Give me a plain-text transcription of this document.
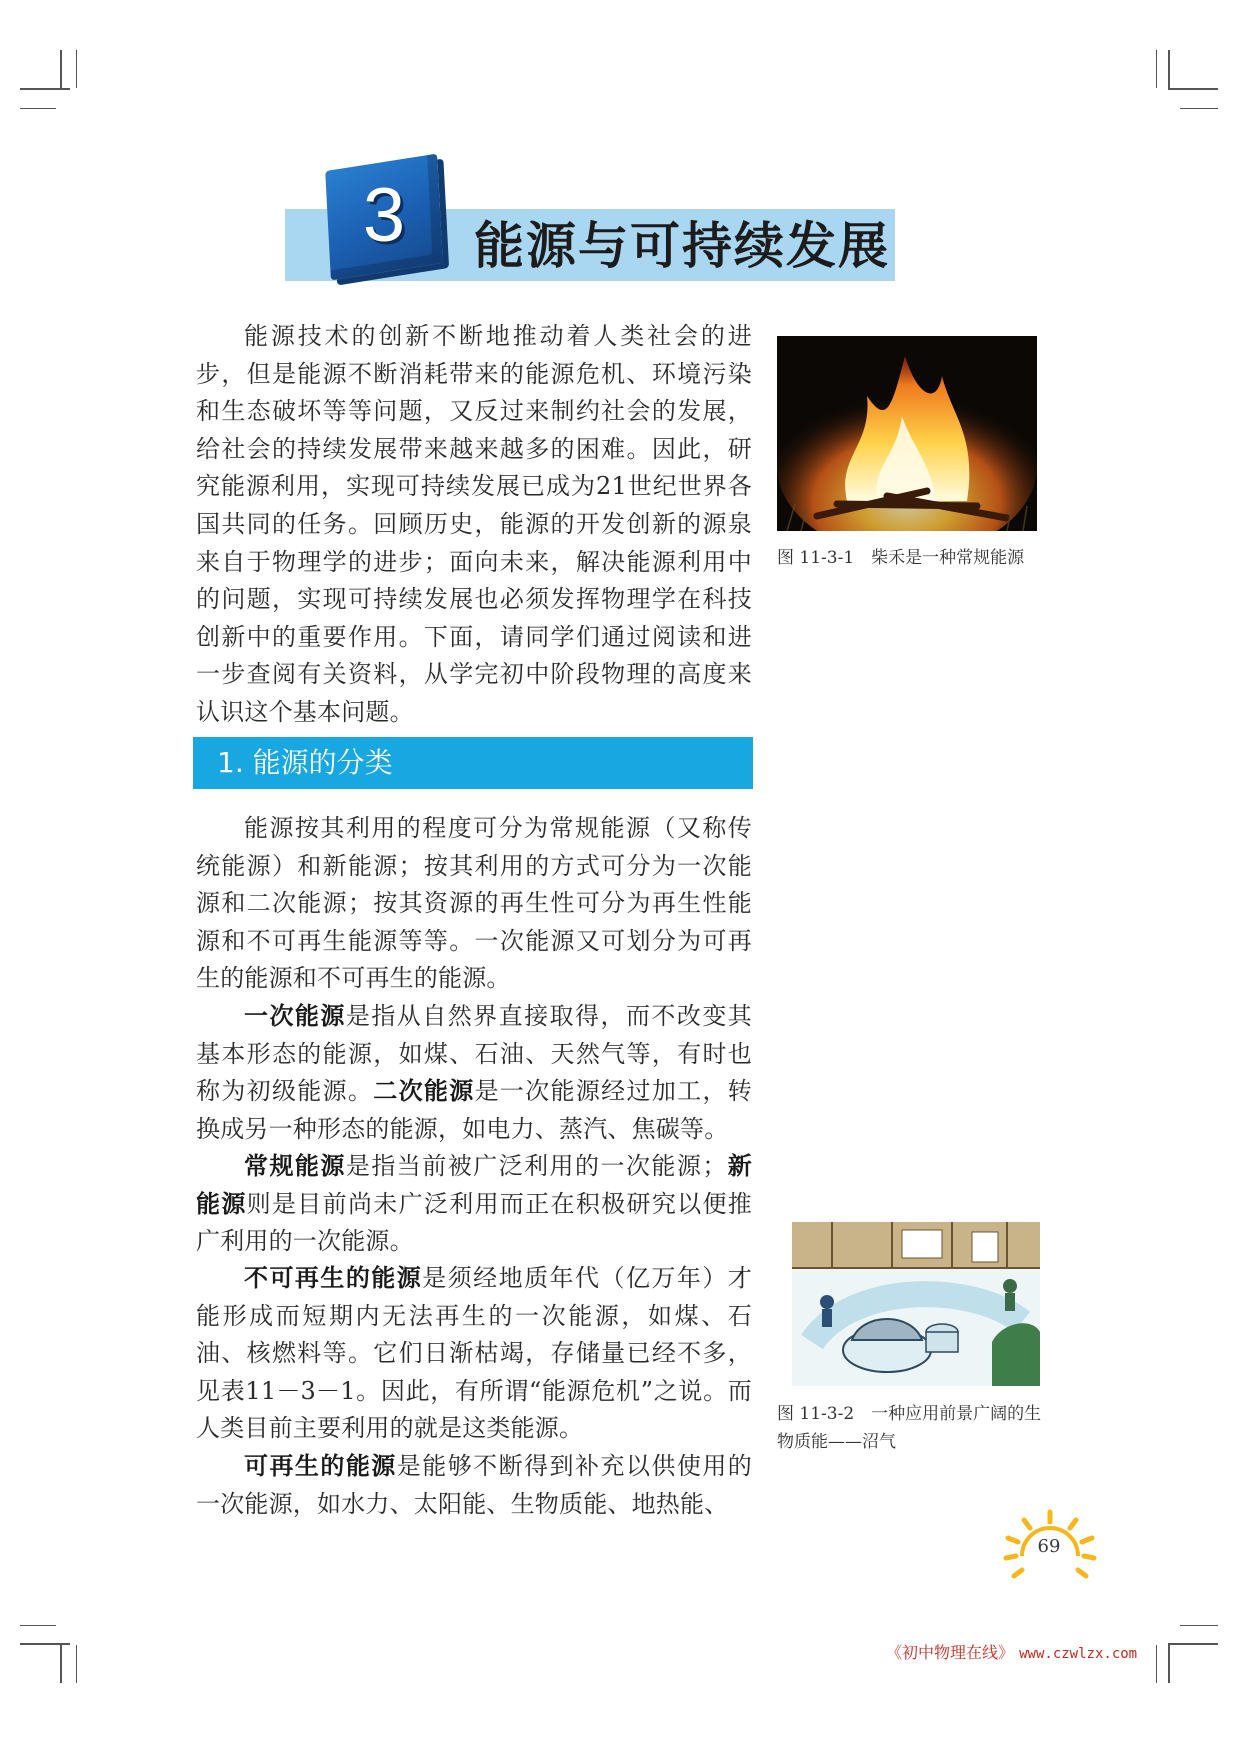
3	能源与可持续发展

能源技术的创新不断地推动着人类社会的进步，但是能源不断消耗带来的能源危机、环境污染和生态破坏等等问题，又反过来制约社会的发展，给社会的持续发展带来越来越多的困难。因此，研究能源利用，实现可持续发展已成为21世纪世界各国共同的任务。回顾历史，能源的开发创新的源泉来自于物理学的进步；面向未来，解决能源利用中的问题，实现可持续发展也必须发挥物理学在科技创新中的重要作用。下面，请同学们通过阅读和进一步查阅有关资料，从学完初中阶段物理的高度来认识这个基本问题。

图 11-3-1　柴禾是一种常规能源
1. 能源的分类

能源按其利用的程度可分为常规能源（又称传统能源）和新能源；按其利用的方式可分为一次能源和二次能源；按其资源的再生性可分为再生性能源和不可再生能源等等。一次能源又可划分为可再生的能源和不可再生的能源。

一次能源是指从自然界直接取得，而不改变其基本形态的能源，如煤、石油、天然气等，有时也称为初级能源。二次能源是一次能源经过加工，转换成另一种形态的能源，如电力、蒸汽、焦碳等。

常规能源是指当前被广泛利用的一次能源；新能源则是目前尚未广泛利用而正在积极研究以便推广利用的一次能源。

不可再生的能源是须经地质年代（亿万年）才能形成而短期内无法再生的一次能源，如煤、石油、核燃料等。它们日渐枯竭，存储量已经不多，见表11－3－1。因此，有所谓“能源危机”之说。而人类目前主要利用的就是这类能源。

可再生的能源是能够不断得到补充以供使用的一次能源，如水力、太阳能、生物质能、地热能、

图 11-3-2　一种应用前景广阔的生物质能——沼气
69
《初中物理在线》 www.czwlzx.com
